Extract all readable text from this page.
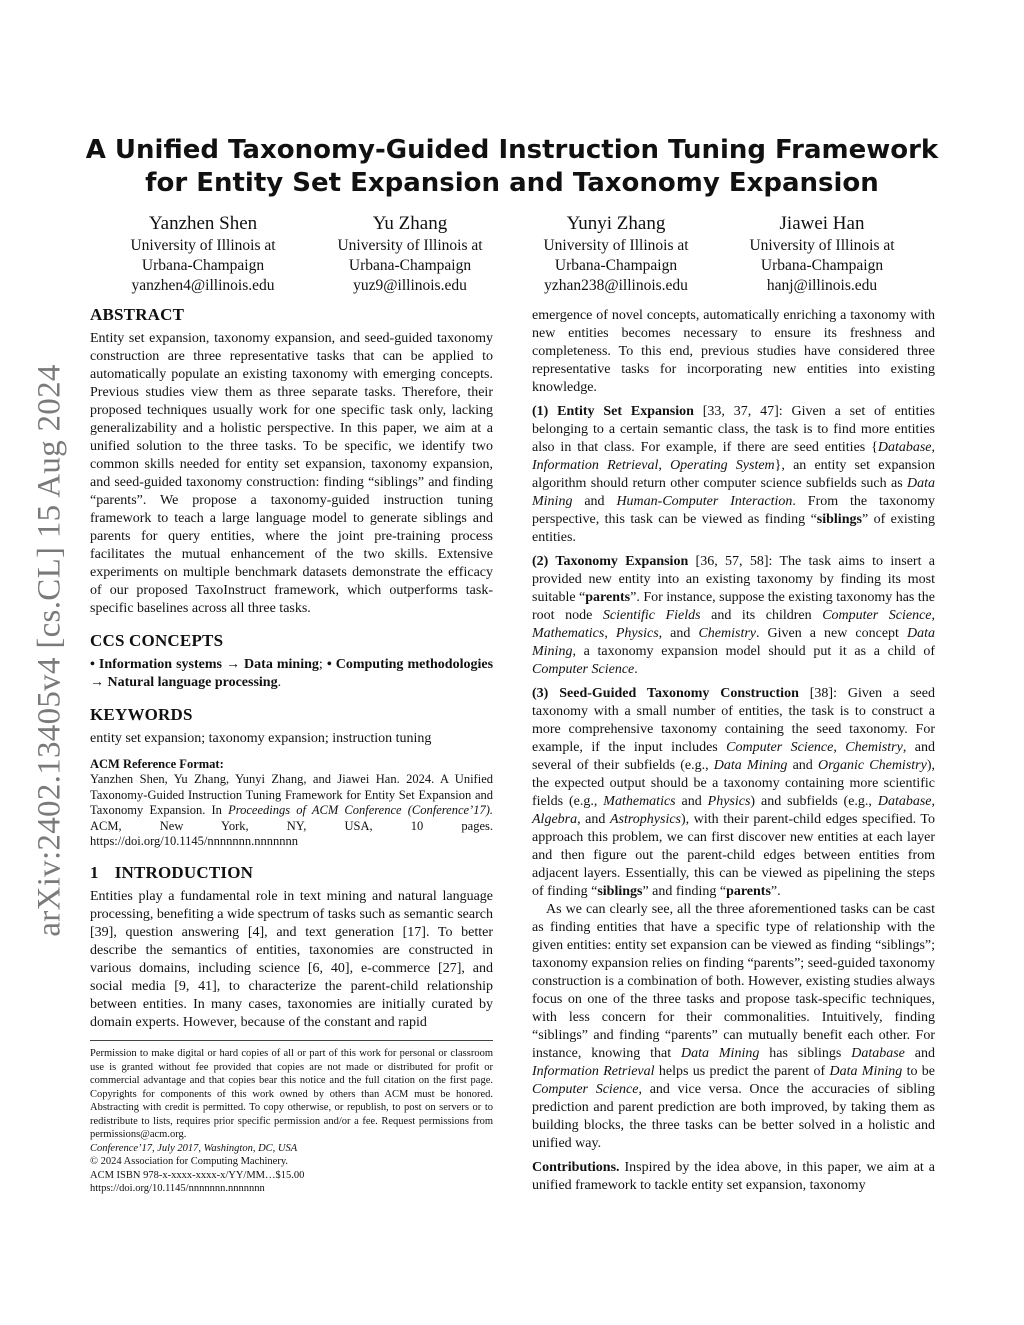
arXiv:2402.13405v4 [cs.CL] 15 Aug 2024
A Unified Taxonomy-Guided Instruction Tuning Framework for Entity Set Expansion and Taxonomy Expansion
Yanzhen Shen
University of Illinois at
Urbana-Champaign
yanzhen4@illinois.edu
Yu Zhang
University of Illinois at
Urbana-Champaign
yuz9@illinois.edu
Yunyi Zhang
University of Illinois at
Urbana-Champaign
yzhan238@illinois.edu
Jiawei Han
University of Illinois at
Urbana-Champaign
hanj@illinois.edu
ABSTRACT

Entity set expansion, taxonomy expansion, and seed-guided taxonomy construction are three representative tasks that can be applied to automatically populate an existing taxonomy with emerging concepts. Previous studies view them as three separate tasks. Therefore, their proposed techniques usually work for one specific task only, lacking generalizability and a holistic perspective. In this paper, we aim at a unified solution to the three tasks. To be specific, we identify two common skills needed for entity set expansion, taxonomy expansion, and seed-guided taxonomy construction: finding “siblings” and finding “parents”. We propose a taxonomy-guided instruction tuning framework to teach a large language model to generate siblings and parents for query entities, where the joint pre-training process facilitates the mutual enhancement of the two skills. Extensive experiments on multiple benchmark datasets demonstrate the efficacy of our proposed TaxoInstruct framework, which outperforms task-specific baselines across all three tasks.

CCS CONCEPTS

• Information systems → Data mining; • Computing methodologies → Natural language processing.

KEYWORDS

entity set expansion; taxonomy expansion; instruction tuning

ACM Reference Format:

Yanzhen Shen, Yu Zhang, Yunyi Zhang, and Jiawei Han. 2024. A Unified Taxonomy-Guided Instruction Tuning Framework for Entity Set Expansion and Taxonomy Expansion. In Proceedings of ACM Conference (Conference’17). ACM, New York, NY, USA, 10 pages. https://doi.org/10.1145/nnnnnnn.nnnnnnn

1 INTRODUCTION

Entities play a fundamental role in text mining and natural language processing, benefiting a wide spectrum of tasks such as semantic search [39], question answering [4], and text generation [17]. To better describe the semantics of entities, taxonomies are constructed in various domains, including science [6, 40], e-commerce [27], and social media [9, 41], to characterize the parent-child relationship between entities. In many cases, taxonomies are initially curated by domain experts. However, because of the constant and rapid

Permission to make digital or hard copies of all or part of this work for personal or classroom use is granted without fee provided that copies are not made or distributed for profit or commercial advantage and that copies bear this notice and the full citation on the first page. Copyrights for components of this work owned by others than ACM must be honored. Abstracting with credit is permitted. To copy otherwise, or republish, to post on servers or to redistribute to lists, requires prior specific permission and/or a fee. Request permissions from permissions@acm.org.

Conference’17, July 2017, Washington, DC, USA

© 2024 Association for Computing Machinery.

ACM ISBN 978-x-xxxx-xxxx-x/YY/MM…$15.00

https://doi.org/10.1145/nnnnnnn.nnnnnnn

emergence of novel concepts, automatically enriching a taxonomy with new entities becomes necessary to ensure its freshness and completeness. To this end, previous studies have considered three representative tasks for incorporating new entities into existing knowledge.

(1) Entity Set Expansion [33, 37, 47]: Given a set of entities belonging to a certain semantic class, the task is to find more entities also in that class. For example, if there are seed entities {Database, Information Retrieval, Operating System}, an entity set expansion algorithm should return other computer science subfields such as Data Mining and Human-Computer Interaction. From the taxonomy perspective, this task can be viewed as finding “siblings” of existing entities.

(2) Taxonomy Expansion [36, 57, 58]: The task aims to insert a provided new entity into an existing taxonomy by finding its most suitable “parents”. For instance, suppose the existing taxonomy has the root node Scientific Fields and its children Computer Science, Mathematics, Physics, and Chemistry. Given a new concept Data Mining, a taxonomy expansion model should put it as a child of Computer Science.

(3) Seed-Guided Taxonomy Construction [38]: Given a seed taxonomy with a small number of entities, the task is to construct a more comprehensive taxonomy containing the seed taxonomy. For example, if the input includes Computer Science, Chemistry, and several of their subfields (e.g., Data Mining and Organic Chemistry), the expected output should be a taxonomy containing more scientific fields (e.g., Mathematics and Physics) and subfields (e.g., Database, Algebra, and Astrophysics), with their parent-child edges specified. To approach this problem, we can first discover new entities at each layer and then figure out the parent-child edges between entities from adjacent layers. Essentially, this can be viewed as pipelining the steps of finding “siblings” and finding “parents”.

As we can clearly see, all the three aforementioned tasks can be cast as finding entities that have a specific type of relationship with the given entities: entity set expansion can be viewed as finding “siblings”; taxonomy expansion relies on finding “parents”; seed-guided taxonomy construction is a combination of both. However, existing studies always focus on one of the three tasks and propose task-specific techniques, with less concern for their commonalities. Intuitively, finding “siblings” and finding “parents” can mutually benefit each other. For instance, knowing that Data Mining has siblings Database and Information Retrieval helps us predict the parent of Data Mining to be Computer Science, and vice versa. Once the accuracies of sibling prediction and parent prediction are both improved, by taking them as building blocks, the three tasks can be better solved in a holistic and unified way.

Contributions. Inspired by the idea above, in this paper, we aim at a unified framework to tackle entity set expansion, taxonomy
